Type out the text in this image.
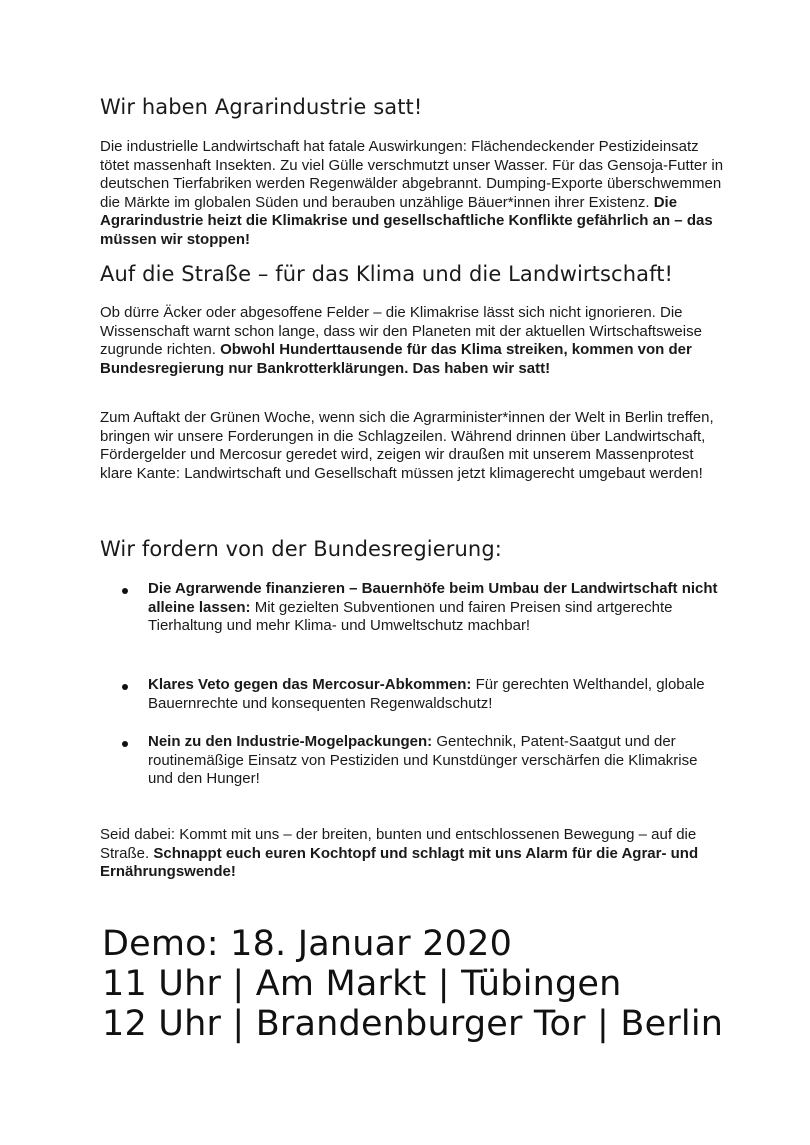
Wir haben Agrarindustrie satt!

Die industrielle Landwirtschaft hat fatale Auswirkungen: Flächendeckender Pestizideinsatz tötet massenhaft Insekten. Zu viel Gülle verschmutzt unser Wasser. Für das Gensoja-Futter in deutschen Tierfabriken werden Regenwälder abgebrannt. Dumping-Exporte überschwemmen die Märkte im globalen Süden und berauben unzählige Bäuer*innen ihrer Existenz. Die Agrarindustrie heizt die Klimakrise und gesellschaftliche Konflikte gefährlich an – das müssen wir stoppen!

Auf die Straße – für das Klima und die Landwirtschaft!

Ob dürre Äcker oder abgesoffene Felder – die Klimakrise lässt sich nicht ignorieren. Die Wissenschaft warnt schon lange, dass wir den Planeten mit der aktuellen Wirtschaftsweise zugrunde richten. Obwohl Hunderttausende für das Klima streiken, kommen von der Bundesregierung nur Bankrotterklärungen. Das haben wir satt!

Zum Auftakt der Grünen Woche, wenn sich die Agrarminister*innen der Welt in Berlin treffen, bringen wir unsere Forderungen in die Schlagzeilen. Während drinnen über Landwirtschaft, Fördergelder und Mercosur geredet wird, zeigen wir draußen mit unserem Massenprotest klare Kante: Landwirtschaft und Gesellschaft müssen jetzt klimagerecht umgebaut werden!

Wir fordern von der Bundesregierung:

Die Agrarwende finanzieren – Bauernhöfe beim Umbau der Landwirtschaft nicht alleine lassen: Mit gezielten Subventionen und fairen Preisen sind artgerechte Tierhaltung und mehr Klima- und Umweltschutz machbar!

Klares Veto gegen das Mercosur-Abkommen: Für gerechten Welthandel, globale Bauernrechte und konsequenten Regenwaldschutz!

Nein zu den Industrie-Mogelpackungen: Gentechnik, Patent-Saatgut und der routinemäßige Einsatz von Pestiziden und Kunstdünger verschärfen die Klimakrise und den Hunger!

Seid dabei: Kommt mit uns – der breiten, bunten und entschlossenen Bewegung – auf die Straße. Schnappt euch euren Kochtopf und schlagt mit uns Alarm für die Agrar- und Ernährungswende!

Demo: 18. Januar 2020
11 Uhr | Am Markt | Tübingen
12 Uhr | Brandenburger Tor | Berlin
